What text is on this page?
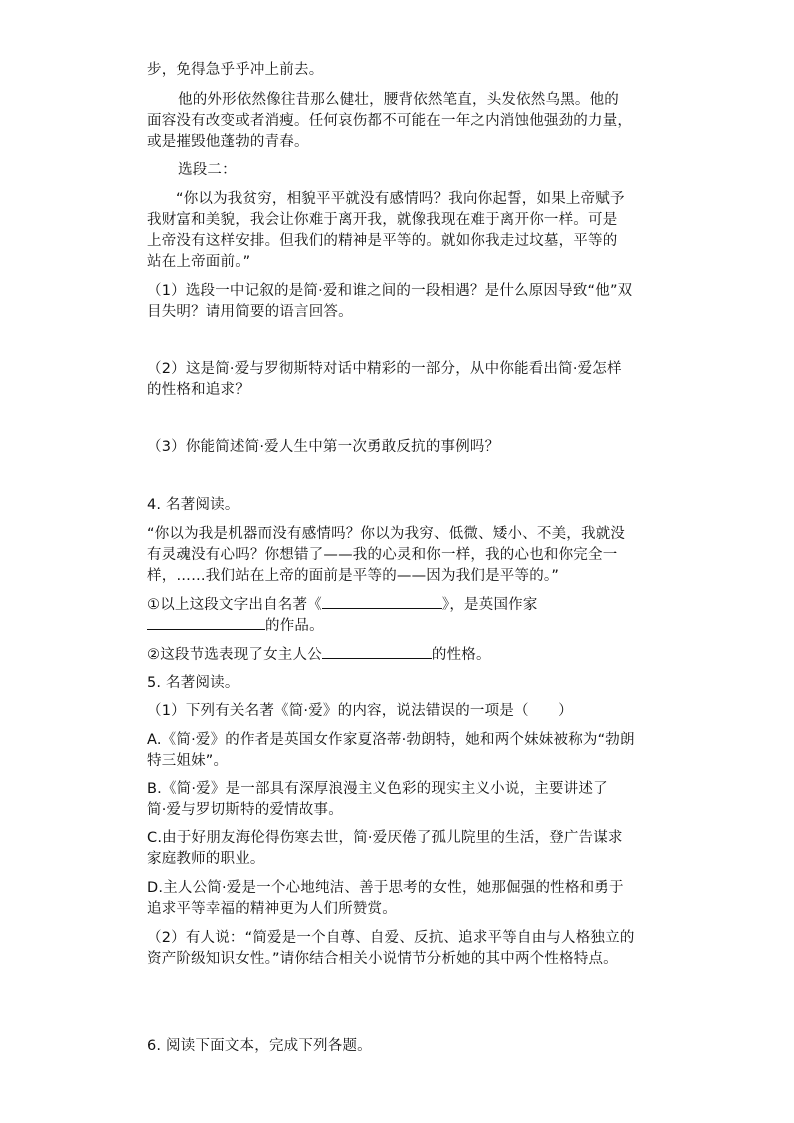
步，免得急乎乎冲上前去。
他的外形依然像往昔那么健壮，腰背依然笔直，头发依然乌黑。他的
面容没有改变或者消瘦。任何哀伤都不可能在一年之内消蚀他强劲的力量，
或是摧毁他蓬勃的青春。
选段二：
“你以为我贫穷，相貌平平就没有感情吗？我向你起誓，如果上帝赋予
我财富和美貌，我会让你难于离开我，就像我现在难于离开你一样。可是
上帝没有这样安排。但我们的精神是平等的。就如你我走过坟墓，平等的
站在上帝面前。”
（1）选段一中记叙的是简·爱和谁之间的一段相遇？是什么原因导致“他”双
目失明？请用简要的语言回答。
（2）这是简·爱与罗彻斯特对话中精彩的一部分，从中你能看出简·爱怎样
的性格和追求？
（3）你能简述简·爱人生中第一次勇敢反抗的事例吗？
4. 名著阅读。
“你以为我是机器而没有感情吗？你以为我穷、低微、矮小、不美，我就没
有灵魂没有心吗？你想错了——我的心灵和你一样，我的心也和你完全一
样，……我们站在上帝的面前是平等的——因为我们是平等的。”
①以上这段文字出自名著《	》，是英国作家
的作品。
②这段节选表现了女主人公	的性格。
5. 名著阅读。
（1）下列有关名著《简·爱》的内容，说法错误的一项是（　　）
A.《简·爱》的作者是英国女作家夏洛蒂·勃朗特，她和两个妹妹被称为“勃朗
特三姐妹”。
B.《简·爱》是一部具有深厚浪漫主义色彩的现实主义小说，主要讲述了
简·爱与罗切斯特的爱情故事。
C.由于好朋友海伦得伤寒去世，简·爱厌倦了孤儿院里的生活，登广告谋求
家庭教师的职业。
D.主人公简·爱是一个心地纯洁、善于思考的女性，她那倔强的性格和勇于
追求平等幸福的精神更为人们所赞赏。
（2）有人说：“简爱是一个自尊、自爱、反抗、追求平等自由与人格独立的
资产阶级知识女性。”请你结合相关小说情节分析她的其中两个性格特点。
6. 阅读下面文本，完成下列各题。
